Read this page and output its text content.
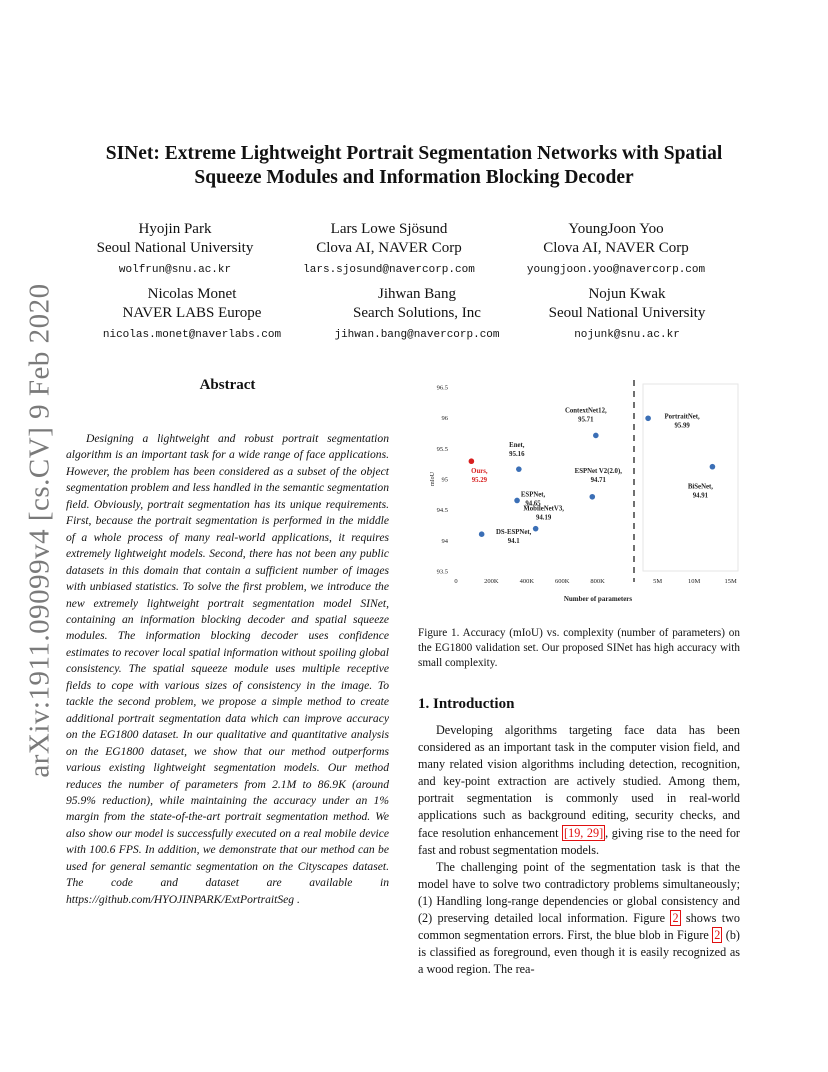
arXiv:1911.09099v4 [cs.CV] 9 Feb 2020
SINet: Extreme Lightweight Portrait Segmentation Networks with Spatial
Squeeze Modules and Information Blocking Decoder
Hyojin Park
Seoul National University
wolfrun@snu.ac.kr
Lars Lowe Sjösund
Clova AI, NAVER Corp
lars.sjosund@navercorp.com
YoungJoon Yoo
Clova AI, NAVER Corp
youngjoon.yoo@navercorp.com
Nicolas Monet
NAVER LABS Europe
nicolas.monet@naverlabs.com
Jihwan Bang
Search Solutions, Inc
jihwan.bang@navercorp.com
Nojun Kwak
Seoul National University
nojunk@snu.ac.kr
Abstract
Designing a lightweight and robust portrait segmentation algorithm is an important task for a wide range of face applications. However, the problem has been considered as a subset of the object segmentation problem and less handled in the semantic segmentation field. Obviously, portrait segmentation has its unique requirements. First, because the portrait segmentation is performed in the middle of a whole process of many real-world applications, it requires extremely lightweight models. Second, there has not been any public datasets in this domain that contain a sufficient number of images with unbiased statistics. To solve the first problem, we introduce the new extremely lightweight portrait segmentation model SINet, containing an information blocking decoder and spatial squeeze modules. The information blocking decoder uses confidence estimates to recover local spatial information without spoiling global consistency. The spatial squeeze module uses multiple receptive fields to cope with various sizes of consistency in the image. To tackle the second problem, we propose a simple method to create additional portrait segmentation data which can improve accuracy on the EG1800 dataset. In our qualitative and quantitative analysis on the EG1800 dataset, we show that our method outperforms various existing lightweight segmentation models. Our method reduces the number of parameters from 2.1M to 86.9K (around 95.9% reduction), while maintaining the accuracy under an 1% margin from the state-of-the-art portrait segmentation method. We also show our model is successfully executed on a real mobile device with 100.6 FPS. In addition, we demonstrate that our method can be used for general semantic segmentation on the Cityscapes dataset. The code and dataset are available in https://github.com/HYOJINPARK/ExtPortraitSeg .
93.5
94
94.5
95
95.5
96
96.5
mIoU
0	200K	400K	600K	800K	5M	10M	15M
Number of parameters
Ours,
95.29
Enet,
95.16
ESPNet,
94.65
DS-ESPNet,
94.1
MobileNetV3,
94.19
ContextNet12,
95.71
ESPNet V2(2.0),
94.71
PortraitNet,
95.99
BiSeNet,
94.91
Figure 1. Accuracy (mIoU) vs. complexity (number of parameters) on the EG1800 validation set. Our proposed SINet has high accuracy with small complexity.
1. Introduction

Developing algorithms targeting face data has been considered as an important task in the computer vision field, and many related vision algorithms including detection, recognition, and key-point extraction are actively studied. Among them, portrait segmentation is commonly used in real-world applications such as background editing, security checks, and face resolution enhancement [19, 29] , giving rise to the need for fast and robust segmentation models.

The challenging point of the segmentation task is that the model have to solve two contradictory problems simultaneously; (1) Handling long-range dependencies or global consistency and (2) preserving detailed local information. Figure 2 shows two common segmentation errors. First, the blue blob in Figure 2 (b) is classified as foreground, even though it is easily recognized as a wood region. The rea-
